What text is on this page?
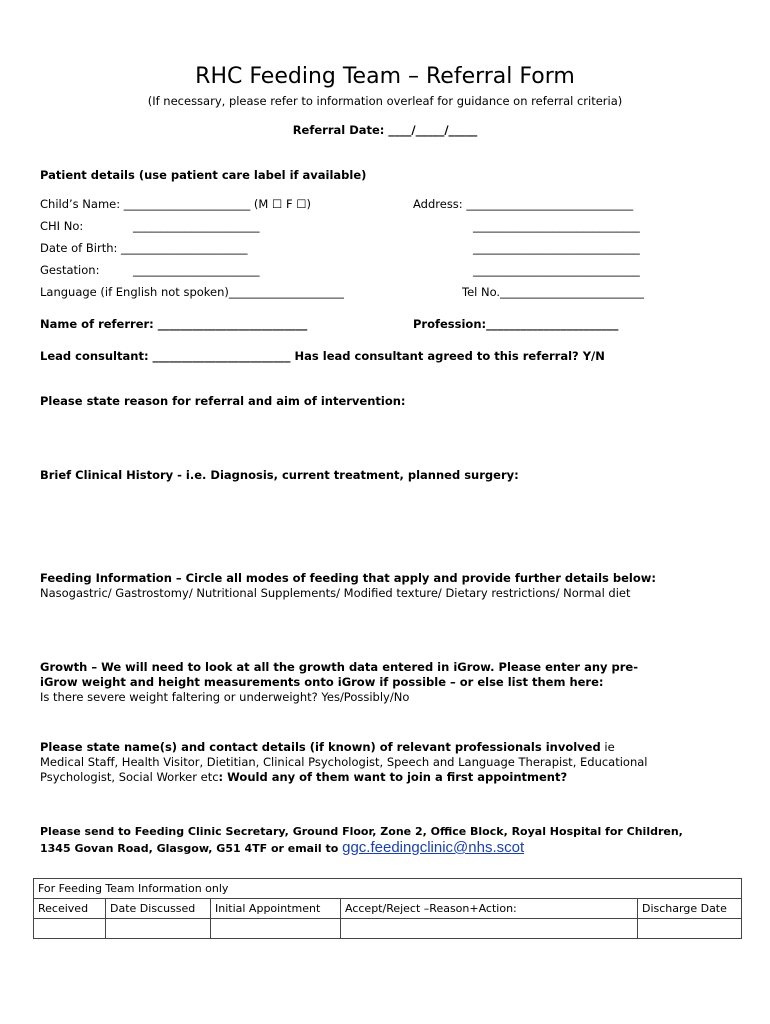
RHC Feeding Team – Referral Form
(If necessary, please refer to information overleaf for guidance on referral criteria)
Referral Date: ____/_____/_____
Patient details (use patient care label if available)
Child’s Name: ______________________ (M ☐ F ☐)	Address: _____________________________
CHI No:	______________________	_____________________________
Date of Birth: ______________________	_____________________________
Gestation:	______________________	_____________________________
Language (if English not spoken)____________________	Tel No._________________________
Name of referrer: __________________________	Profession:_______________________
Lead consultant: ________________________ Has lead consultant agreed to this referral? Y/N
Please state reason for referral and aim of intervention:
Brief Clinical History - i.e. Diagnosis, current treatment, planned surgery:
Feeding Information – Circle all modes of feeding that apply and provide further details below:
Nasogastric/ Gastrostomy/ Nutritional Supplements/ Modified texture/ Dietary restrictions/ Normal diet
Growth – We will need to look at all the growth data entered in iGrow. Please enter any pre-
iGrow weight and height measurements onto iGrow if possible – or else list them here:
Is there severe weight faltering or underweight? Yes/Possibly/No
Please state name(s) and contact details (if known) of relevant professionals involved ie
Medical Staff, Health Visitor, Dietitian, Clinical Psychologist, Speech and Language Therapist, Educational
Psychologist, Social Worker etc: Would any of them want to join a first appointment?
Please send to Feeding Clinic Secretary, Ground Floor, Zone 2, Office Block, Royal Hospital for Children,
1345 Govan Road, Glasgow, G51 4TF or email to ggc.feedingclinic@nhs.scot
For Feeding Team Information only				
Received	Date Discussed	Initial Appointment	Accept/Reject –Reason+Action:	Discharge Date
